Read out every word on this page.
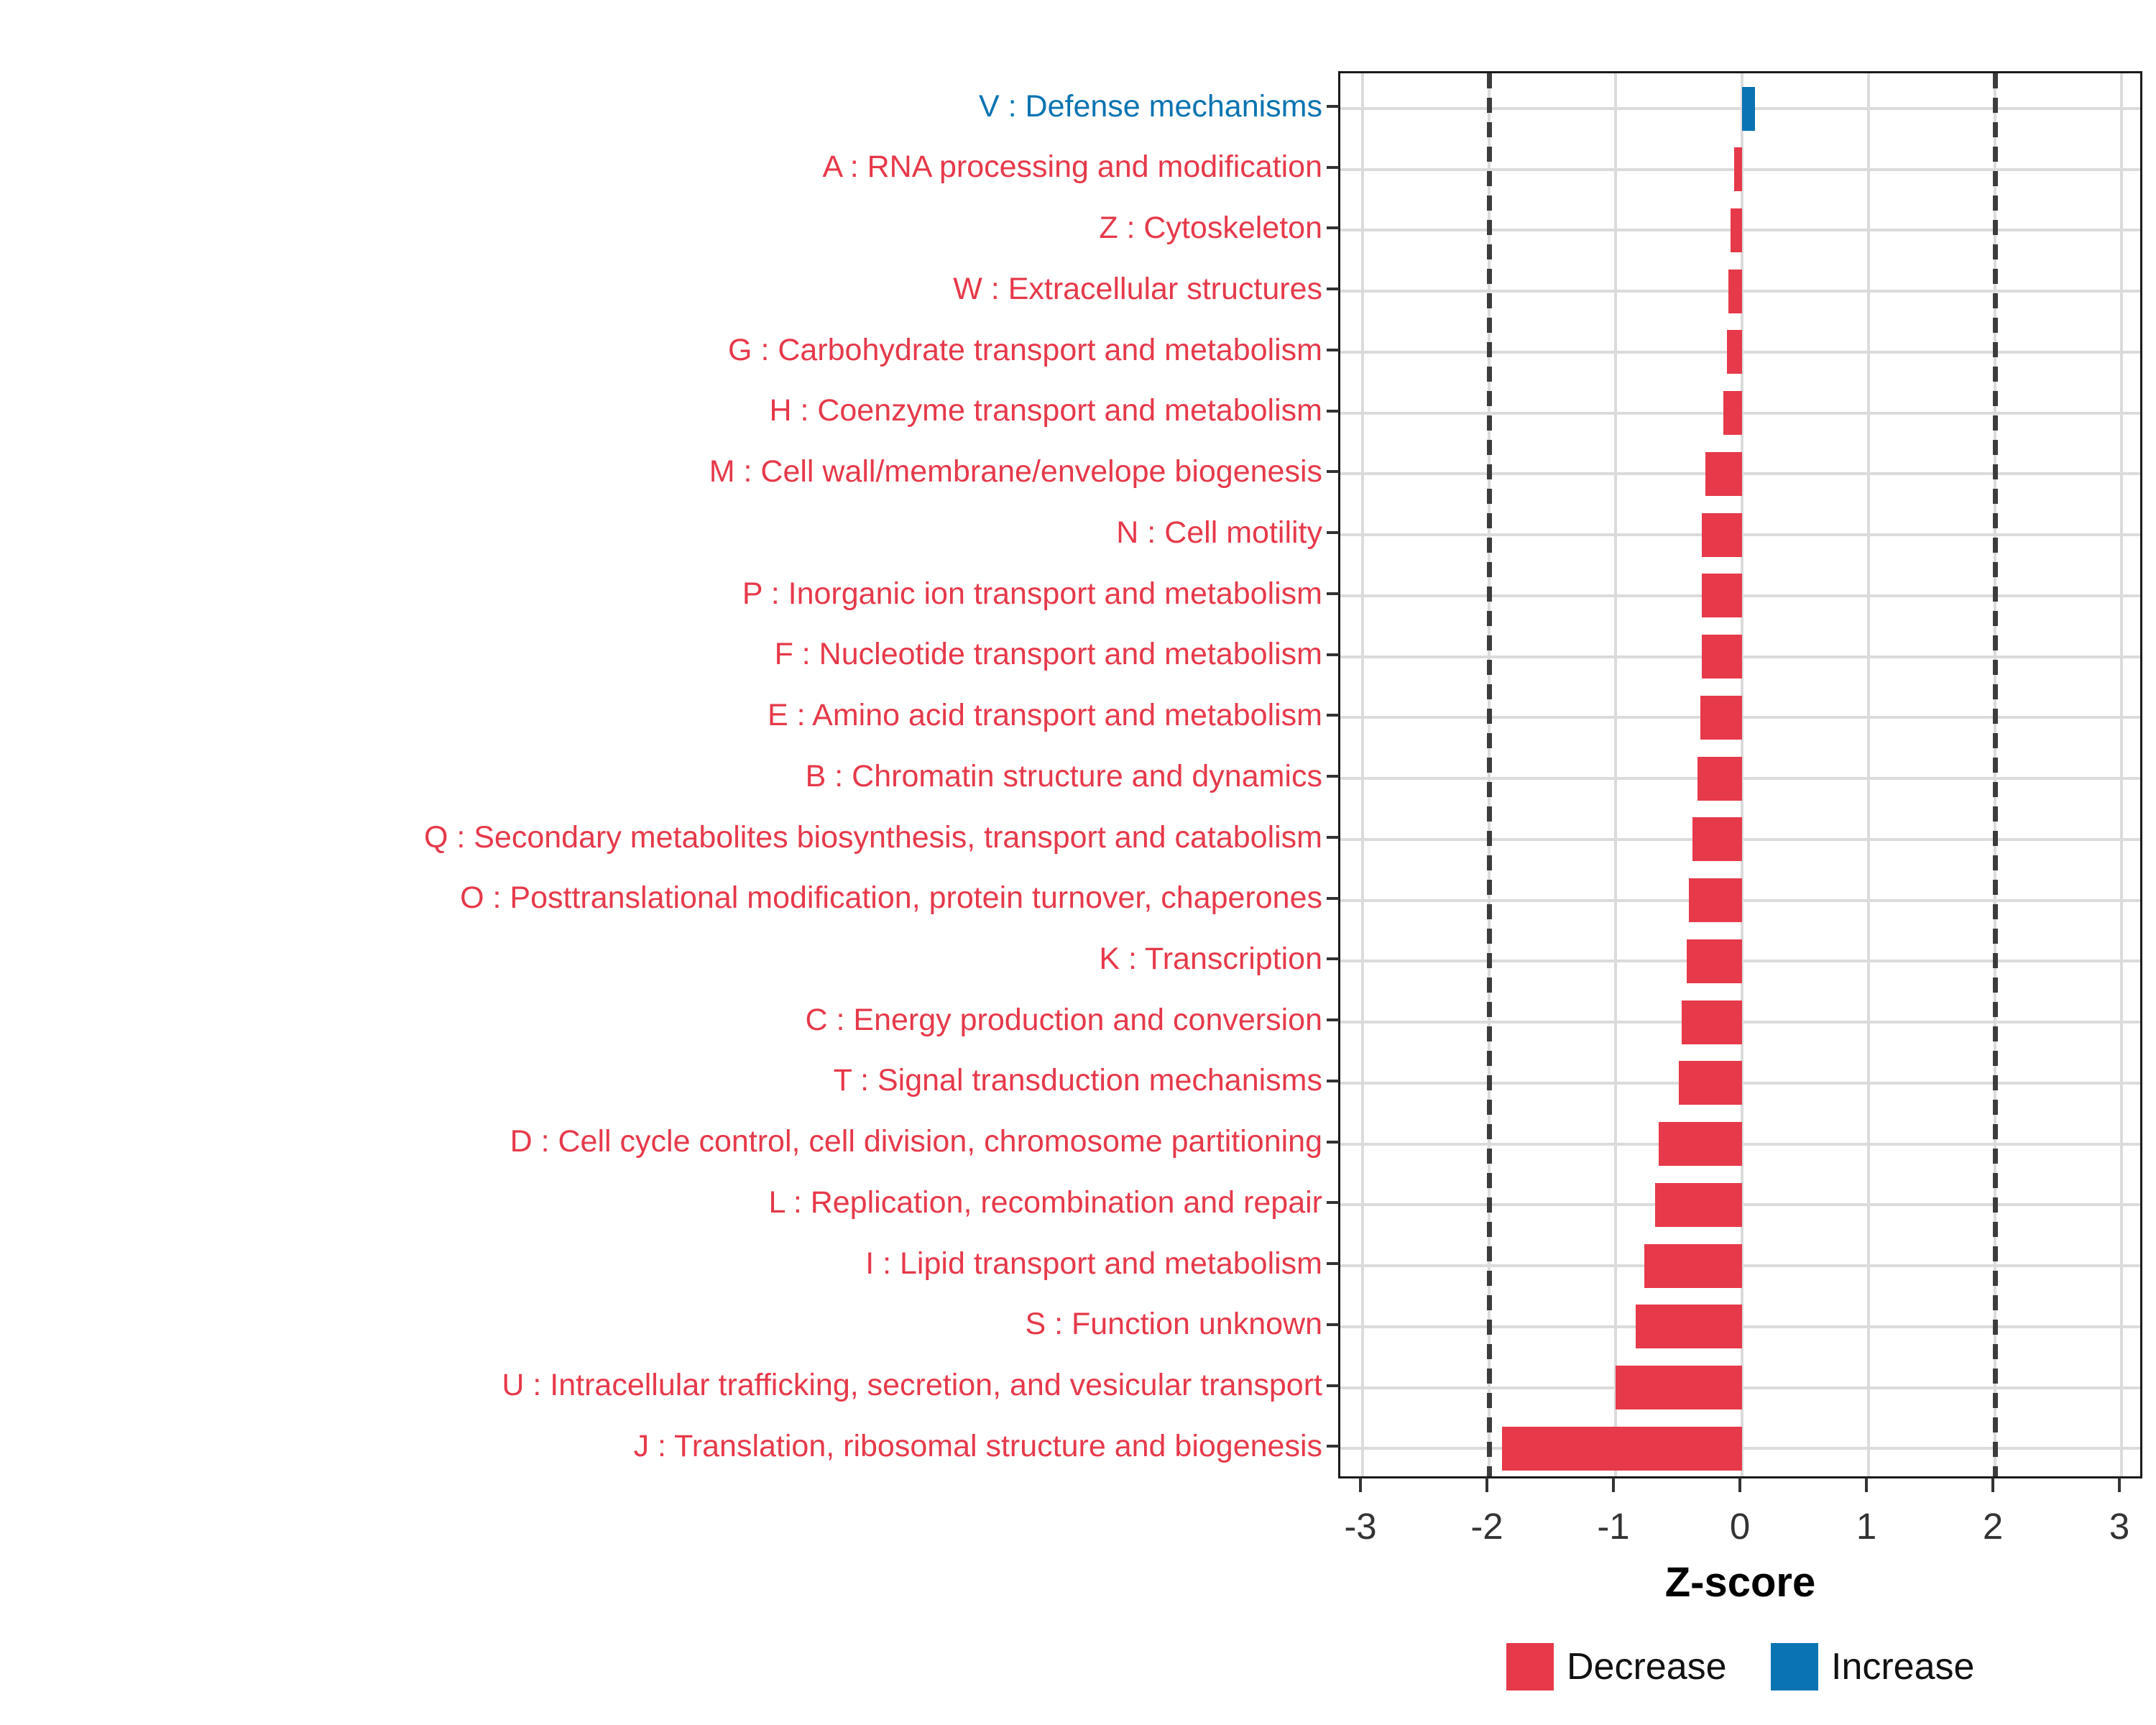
V : Defense mechanisms
A : RNA processing and modification
Z : Cytoskeleton
W : Extracellular structures
G : Carbohydrate transport and metabolism
H : Coenzyme transport and metabolism
M : Cell wall/membrane/envelope biogenesis
N : Cell motility
P : Inorganic ion transport and metabolism
F : Nucleotide transport and metabolism
E : Amino acid transport and metabolism
B : Chromatin structure and dynamics
Q : Secondary metabolites biosynthesis, transport and catabolism
O : Posttranslational modification, protein turnover, chaperones
K : Transcription
C : Energy production and conversion
T : Signal transduction mechanisms
D : Cell cycle control, cell division, chromosome partitioning
L : Replication, recombination and repair
I : Lipid transport and metabolism
S : Function unknown
U : Intracellular trafficking, secretion, and vesicular transport
J : Translation, ribosomal structure and biogenesis
-3	-2	-1	0	1	2	3
Z-score
Decrease	Increase
